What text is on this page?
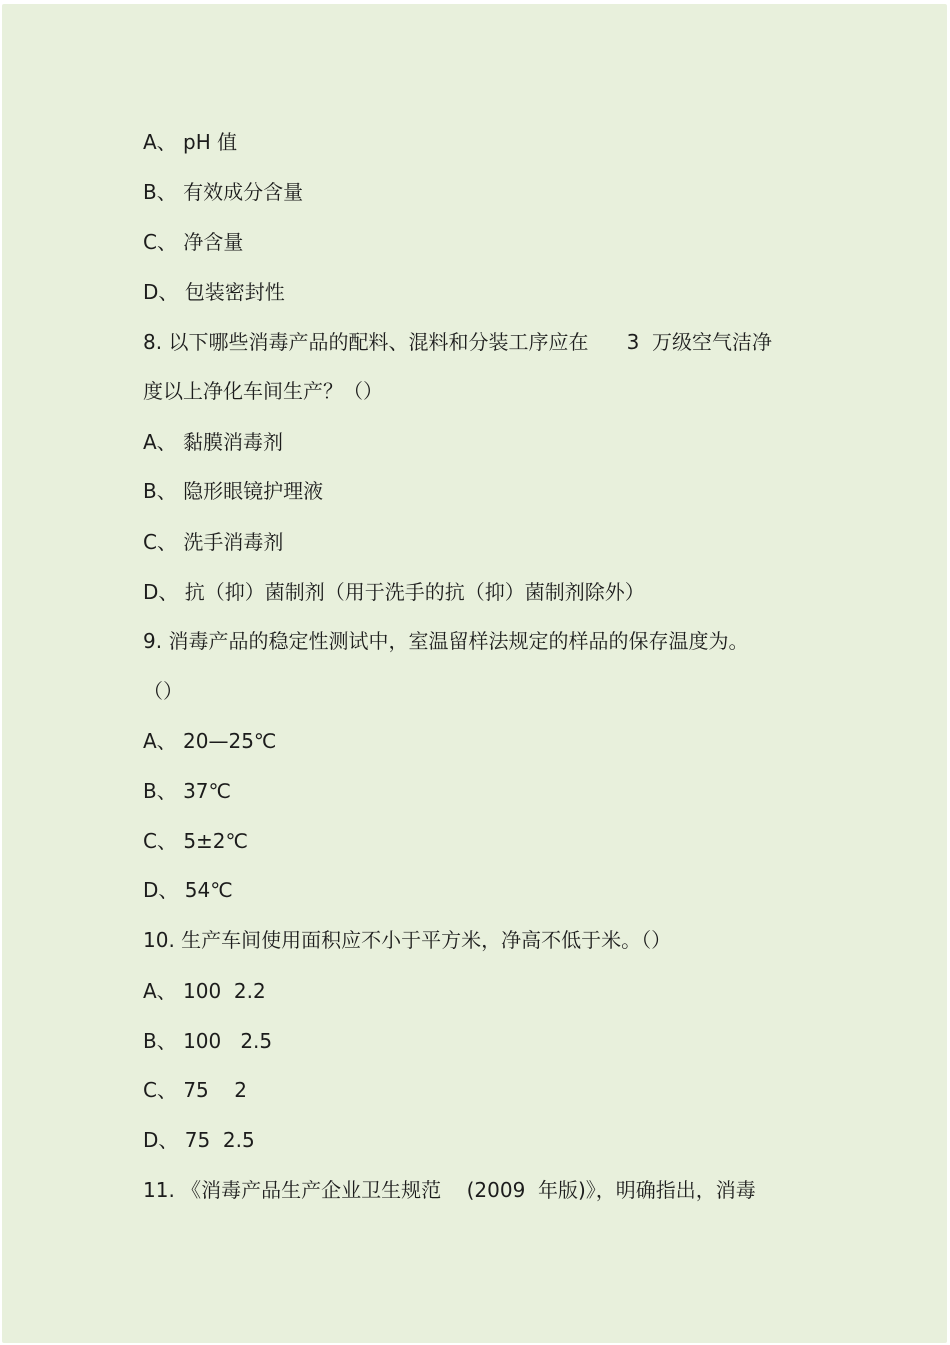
A、 pH 值
B、 有效成分含量
C、 净含量
D、 包装密封性
8. 以下哪些消毒产品的配料、混料和分装工序应在      3  万级空气洁净
度以上净化车间生产？（）
A、 黏膜消毒剂
B、 隐形眼镜护理液
C、 洗手消毒剂
D、 抗（抑）菌制剂（用于洗手的抗（抑）菌制剂除外）
9. 消毒产品的稳定性测试中，室温留样法规定的样品的保存温度为。
（）
A、 20—25℃
B、 37℃
C、 5±2℃
D、 54℃
10. 生产车间使用面积应不小于平方米，净高不低于米。（）
A、 100  2.2
B、 100   2.5
C、 75    2
D、 75  2.5
11. 《消毒产品生产企业卫生规范    (2009  年版)》，明确指出，消毒
